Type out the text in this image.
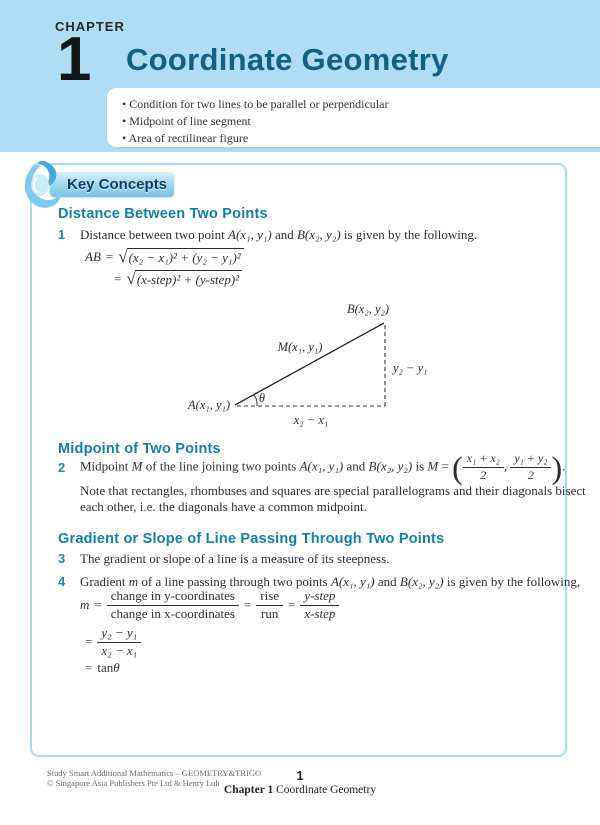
CHAPTER
1 Coordinate Geometry
• Condition for two lines to be parallel or perpendicular
• Midpoint of line segment
• Area of rectilinear figure
Key Concepts
Distance Between Two Points
1	Distance between two point A(x₁, y₁) and B(x₂, y₂) is given by the following.
AB = √ (x₂ − x₁)² + (y₂ − y₁)²
= √ (x-step)² + (y-step)²
A(x₁, y₁)
B(x₂, y₂)
M(x₁, y₁)
x₂ − x₁
y₂ − y₁
θ
Midpoint of Two Points
2	Midpoint M of the line joining two points A(x₁, y₁) and B(x₂, y₂) is M = ( $\frac{\text{x₁ + x₂}}{2}$ , $\frac{\text{y₁ + y₂}}{2}$ ).

Note that rectangles, rhombuses and squares are special parallelograms and their diagonals bisect
each other, i.e. the diagonals have a common midpoint.

Gradient or Slope of Line Passing Through Two Points
3	The gradient or slope of a line is a measure of its steepness.
4	Gradient m of a line passing through two points A(x₁, y₁) and B(x₂, y₂) is given by the following,
$m = \frac{\text{change in y-coordinates}}{\text{change in x-coordinates}} = \frac{\text{rise}}{\text{run}} = \frac{\text{y-step}}{\text{x-step}}$
= $\frac{\text{y₂ − y₁}}{\text{x₂ − x₁}}$
= tan θ
Study Smart Additional Mathematics – GEOMETRY&TRIGO
© Singapore Asia Publishers Pte Ltd & Henry Loh	1
Chapter 1 Coordinate Geometry
